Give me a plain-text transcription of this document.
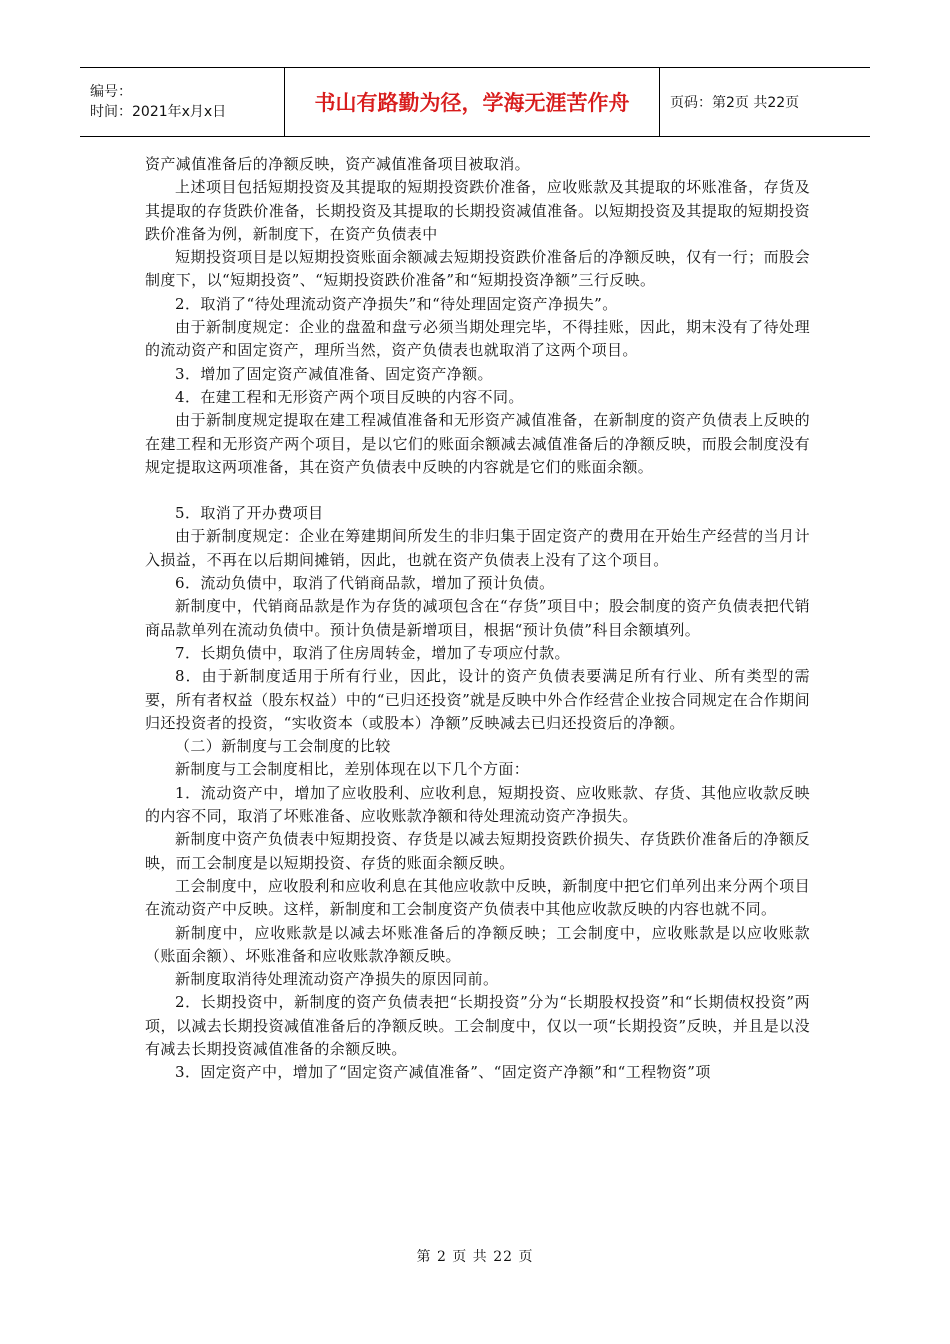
编号：
时间：2021年x月x日	书山有路勤为径，学海无涯苦作舟	页码：第2页 共22页

资产减值准备后的净额反映，资产减值准备项目被取消。

上述项目包括短期投资及其提取的短期投资跌价准备，应收账款及其提取的坏账准备，存货及其提取的存货跌价准备，长期投资及其提取的长期投资减值准备。以短期投资及其提取的短期投资跌价准备为例，新制度下，在资产负债表中

短期投资项目是以短期投资账面余额减去短期投资跌价准备后的净额反映，仅有一行；而股会制度下，以“短期投资”、“短期投资跌价准备”和“短期投资净额”三行反映。

2．取消了“待处理流动资产净损失”和“待处理固定资产净损失”。

由于新制度规定：企业的盘盈和盘亏必须当期处理完毕，不得挂账，因此，期末没有了待处理的流动资产和固定资产，理所当然，资产负债表也就取消了这两个项目。

3．增加了固定资产减值准备、固定资产净额。

4．在建工程和无形资产两个项目反映的内容不同。

由于新制度规定提取在建工程减值准备和无形资产减值准备，在新制度的资产负债表上反映的在建工程和无形资产两个项目，是以它们的账面余额减去减值准备后的净额反映，而股会制度没有规定提取这两项准备，其在资产负债表中反映的内容就是它们的账面余额。

5．取消了开办费项目

由于新制度规定：企业在筹建期间所发生的非归集于固定资产的费用在开始生产经营的当月计入损益，不再在以后期间摊销，因此，也就在资产负债表上没有了这个项目。

6．流动负债中，取消了代销商品款，增加了预计负债。

新制度中，代销商品款是作为存货的减项包含在“存货”项目中；股会制度的资产负债表把代销商品款单列在流动负债中。预计负债是新增项目，根据“预计负债”科目余额填列。

7．长期负债中，取消了住房周转金，增加了专项应付款。

8．由于新制度适用于所有行业，因此，设计的资产负债表要满足所有行业、所有类型的需要，所有者权益（股东权益）中的“已归还投资”就是反映中外合作经营企业按合同规定在合作期间归还投资者的投资，“实收资本（或股本）净额”反映减去已归还投资后的净额。

（二）新制度与工会制度的比较

新制度与工会制度相比，差别体现在以下几个方面：

1．流动资产中，增加了应收股利、应收利息，短期投资、应收账款、存货、其他应收款反映的内容不同，取消了坏账准备、应收账款净额和待处理流动资产净损失。

新制度中资产负债表中短期投资、存货是以减去短期投资跌价损失、存货跌价准备后的净额反映，而工会制度是以短期投资、存货的账面余额反映。

工会制度中，应收股利和应收利息在其他应收款中反映，新制度中把它们单列出来分两个项目在流动资产中反映。这样，新制度和工会制度资产负债表中其他应收款反映的内容也就不同。

新制度中，应收账款是以减去坏账准备后的净额反映；工会制度中，应收账款是以应收账款（账面余额）、坏账准备和应收账款净额反映。

新制度取消待处理流动资产净损失的原因同前。

2．长期投资中，新制度的资产负债表把“长期投资”分为“长期股权投资”和“长期债权投资”两项，以减去长期投资减值准备后的净额反映。工会制度中，仅以一项“长期投资”反映，并且是以没有减去长期投资减值准备的余额反映。

3．固定资产中，增加了“固定资产减值准备”、“固定资产净额”和“工程物资”项

第 2 页 共 22 页
